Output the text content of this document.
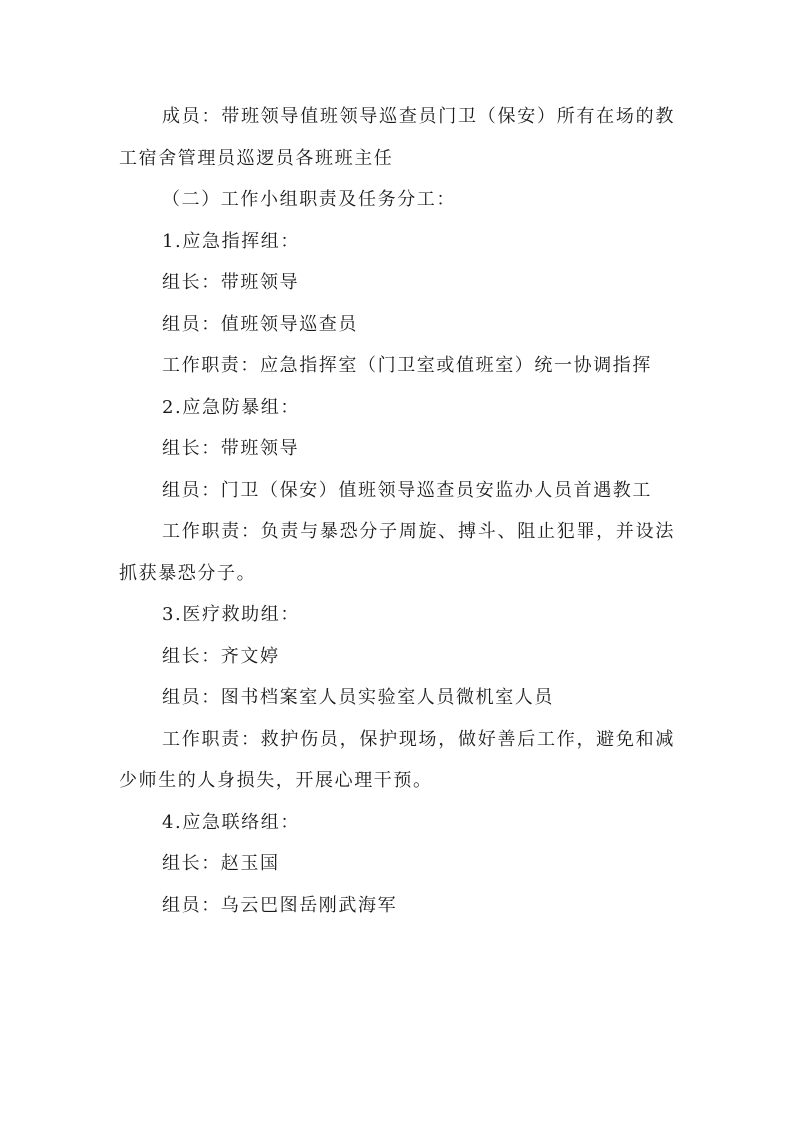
成员：带班领导值班领导巡查员门卫（保安）所有在场的教工宿舍管理员巡逻员各班班主任

（二）工作小组职责及任务分工：

1.应急指挥组：

组长：带班领导

组员：值班领导巡查员

工作职责：应急指挥室（门卫室或值班室）统一协调指挥

2.应急防暴组：

组长：带班领导

组员：门卫（保安）值班领导巡查员安监办人员首遇教工

工作职责：负责与暴恐分子周旋、搏斗、阻止犯罪，并设法抓获暴恐分子。

3.医疗救助组：

组长：齐文婷

组员：图书档案室人员实验室人员微机室人员

工作职责：救护伤员，保护现场，做好善后工作，避免和减少师生的人身损失，开展心理干预。

4.应急联络组：

组长：赵玉国

组员：乌云巴图岳刚武海军
